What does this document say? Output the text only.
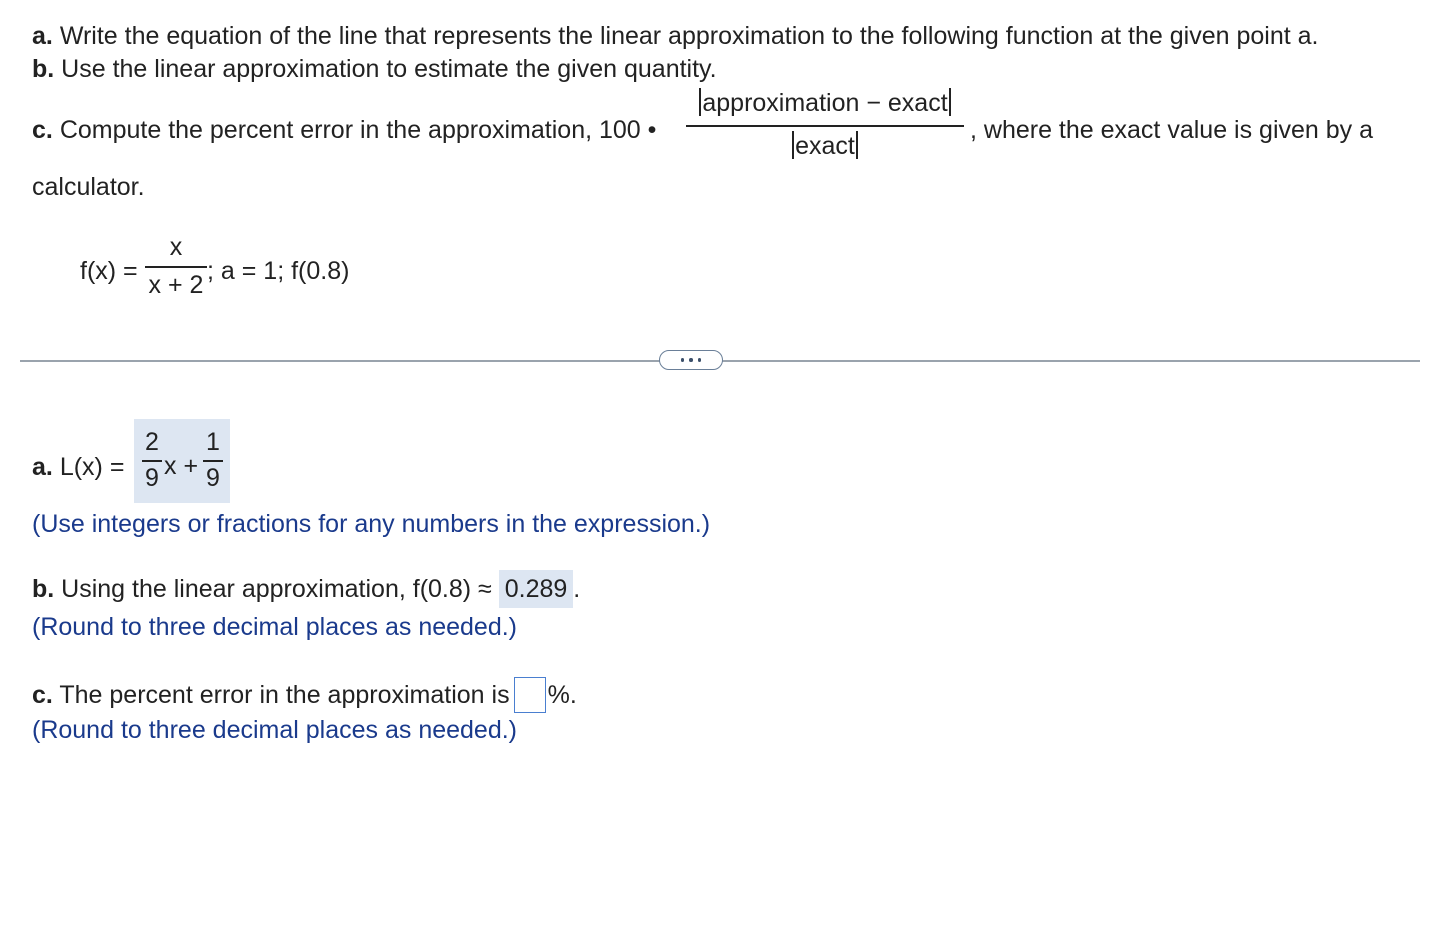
a. Write the equation of the line that represents the linear approximation to the following function at the given point a.
b. Use the linear approximation to estimate the given quantity.
c. Compute the percent error in the approximation, 100 •
approximation − exact
exact
, where the exact value is given by a
calculator.
f(x) =
x
x + 2 ; a = 1; f(0.8)
a. L(x) =
2
9 x +
1
9
(Use integers or fractions for any numbers in the expression.)
b. Using the linear approximation, f(0.8) ≈ 0.289 .
(Round to three decimal places as needed.)
c. The percent error in the approximation is %.
(Round to three decimal places as needed.)
